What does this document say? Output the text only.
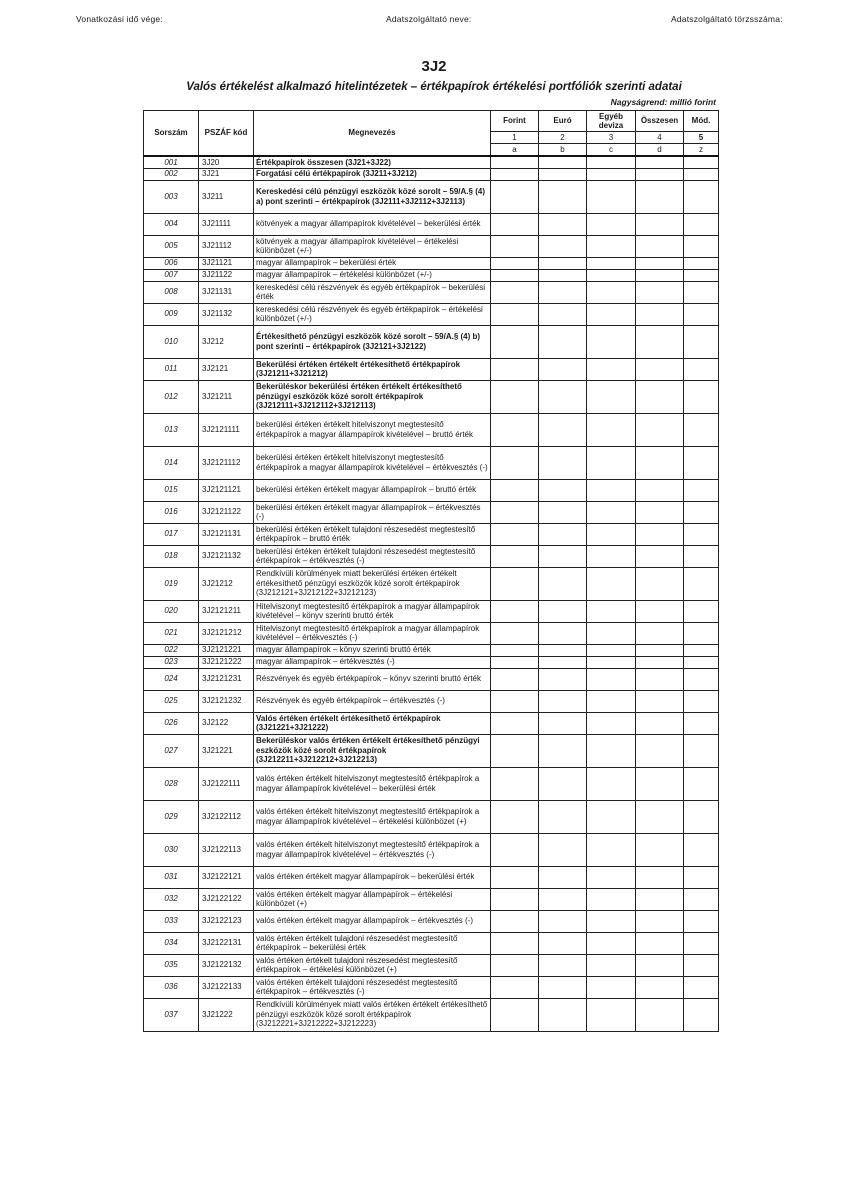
Vonatkozási idő vége:	Adatszolgáltató neve:	Adatszolgáltató törzsszáma:
3J2
Valós értékelést alkalmazó hitelintézetek – értékpapírok értékelési portfóliók szerinti adatai
Nagyságrend: millió forint
Sorszám	PSZÁF kód	Megnevezés	Forint	Euró	Egyéb deviza	Összesen	Mód.
			1	2	3	4	5
			a	b	c	d	z
001	3J20	Értékpapírok összesen (3J21+3J22)					
002	3J21	Forgatási célú értékpapírok (3J211+3J212)					
003	3J211	Kereskedési célú pénzügyi eszközök közé sorolt – 59/A.§ (4) a) pont szerinti – értékpapírok (3J2111+3J2112+3J2113)					
004	3J21111	kötvények a magyar állampapírok kivételével – bekerülési érték					
005	3J21112	kötvények a magyar állampapírok kivételével – értékelési különbözet (+/-)					
006	3J21121	magyar állampapírok – bekerülési érték					
007	3J21122	magyar állampapírok – értékelési különbözet (+/-)					
008	3J21131	kereskedési célú részvények és egyéb értékpapírok – bekerülési érték					
009	3J21132	kereskedési célú részvények és egyéb értékpapírok – értékelési különbözet (+/-)					
010	3J212	Értékesíthető pénzügyi eszközök közé sorolt – 59/A.§ (4) b) pont szerinti – értékpapírok (3J2121+3J2122)					
011	3J2121	Bekerülési értéken értékelt értékesíthető értékpapírok (3J21211+3J21212)					
012	3J21211	Bekerüléskor bekerülési értéken értékelt értékesíthető pénzügyi eszközök közé sorolt értékpapírok (3J212111+3J212112+3J212113)					
013	3J2121111	bekerülési értéken értékelt hitelviszonyt megtestesítő értékpapírok a magyar állampapírok kivételével – bruttó érték					
014	3J2121112	bekerülési értéken értékelt hitelviszonyt megtestesítő értékpapírok a magyar állampapírok kivételével – értékvesztés (-)					
015	3J2121121	bekerülési értéken értékelt magyar állampapírok – bruttó érték					
016	3J2121122	bekerülési értéken értékelt magyar állampapírok – értékvesztés (-)					
017	3J2121131	bekerülési értéken értékelt tulajdoni részesedést megtestesítő értékpapírok – bruttó érték					
018	3J2121132	bekerülési értéken értékelt tulajdoni részesedést megtestesítő értékpapírok – értékvesztés (-)					
019	3J21212	Rendkívüli körülmények miatt bekerülési értéken értékelt értékesíthető pénzügyi eszközök közé sorolt értékpapírok (3J212121+3J212122+3J212123)					
020	3J2121211	Hitelviszonyt megtestesítő értékpapírok a magyar állampapírok kivételével – könyv szerinti bruttó érték					
021	3J2121212	Hitelviszonyt megtestesítő értékpapírok a magyar állampapírok kivételével – értékvesztés (-)					
022	3J2121221	magyar állampapírok – könyv szerinti bruttó érték					
023	3J2121222	magyar állampapírok – értékvesztés (-)					
024	3J2121231	Részvények és egyéb értékpapírok – könyv szerinti bruttó érték					
025	3J2121232	Részvények és egyéb értékpapírok – értékvesztés (-)					
026	3J2122	Valós értéken értékelt értékesíthető értékpapírok (3J21221+3J21222)					
027	3J21221	Bekerüléskor valós értéken értékelt értékesíthető pénzügyi eszközök közé sorolt értékpapírok (3J212211+3J212212+3J212213)					
028	3J2122111	valós értéken értékelt hitelviszonyt megtestesítő értékpapírok a magyar állampapírok kivételével – bekerülési érték					
029	3J2122112	valós értéken értékelt hitelviszonyt megtestesítő értékpapírok a magyar állampapírok kivételével – értékelési különbözet (+)					
030	3J2122113	valós értéken értékelt hitelviszonyt megtestesítő értékpapírok a magyar állampapírok kivételével – értékvesztés (-)					
031	3J2122121	valós értéken értékelt magyar állampapírok – bekerülési érték					
032	3J2122122	valós értéken értékelt magyar állampapírok – értékelési különbözet (+)					
033	3J2122123	valós értéken értékelt magyar állampapírok – értékvesztés (-)					
034	3J2122131	valós értéken értékelt tulajdoni részesedést megtestesítő értékpapírok – bekerülési érték					
035	3J2122132	valós értéken értékelt tulajdoni részesedést megtestesítő értékpapírok – értékelési különbözet (+)					
036	3J2122133	valós értéken értékelt tulajdoni részesedést megtestesítő értékpapírok – értékvesztés (-)					
037	3J21222	Rendkívüli körülmények miatt valós értéken értékelt értékesíthető pénzügyi eszközök közé sorolt értékpapírok (3J212221+3J212222+3J212223)					
